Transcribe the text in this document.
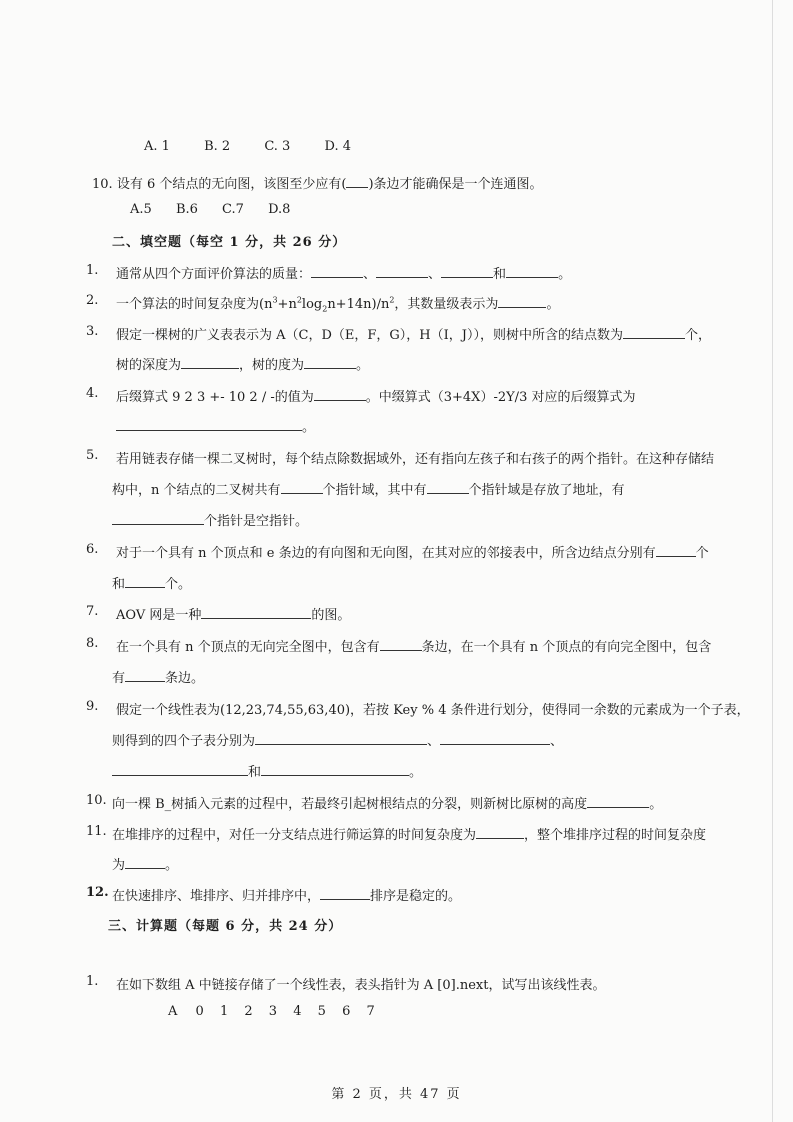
A. 1	B. 2	C. 3	D. 4
10. 设有 6 个结点的无向图，该图至少应有( )条边才能确保是一个连通图。
A.5 B.6 C.7 D.8
二、填空题（每空 1 分，共 26 分）
1. 通常从四个方面评价算法的质量：	、	、	和	。
2. 一个算法的时间复杂度为$(n^3+n^2\log_2n+14n)/n^2$，其数量级表示为	。
3. 假定一棵树的广义表表示为 A（C，D（E，F，G），H（I，J）），则树中所含的结点数为	个，
树的深度为	，树的度为	。
4. 后缀算式 9 2 3 +- 10 2 / -的值为	。中缀算式（3+4X）-2Y/3 对应的后缀算式为
。
5. 若用链表存储一棵二叉树时，每个结点除数据域外，还有指向左孩子和右孩子的两个指针。在这种存储结
构中，n 个结点的二叉树共有	个指针域，其中有	个指针域是存放了地址，有
个指针是空指针。
6. 对于一个具有 n 个顶点和 e 条边的有向图和无向图，在其对应的邻接表中，所含边结点分别有	个
和	个。
7. AOV 网是一种	的图。
8. 在一个具有 n 个顶点的无向完全图中，包含有	条边，在一个具有 n 个顶点的有向完全图中，包含
有	条边。
9. 假定一个线性表为(12,23,74,55,63,40)，若按 Key % 4 条件进行划分，使得同一余数的元素成为一个子表，
则得到的四个子表分别为	、	、
和	。
10. 向一棵 B_树插入元素的过程中，若最终引起树根结点的分裂，则新树比原树的高度	。
11. 在堆排序的过程中，对任一分支结点进行筛运算的时间复杂度为	，整个堆排序过程的时间复杂度
为	。
12. 在快速排序、堆排序、归并排序中，	排序是稳定的。
三、计算题（每题 6 分，共 24 分）
1. 在如下数组 A 中链接存储了一个线性表，表头指针为 A [0].next，试写出该线性表。
A 0 1 2 3 4 5 6 7
第 2 页，共 47 页
